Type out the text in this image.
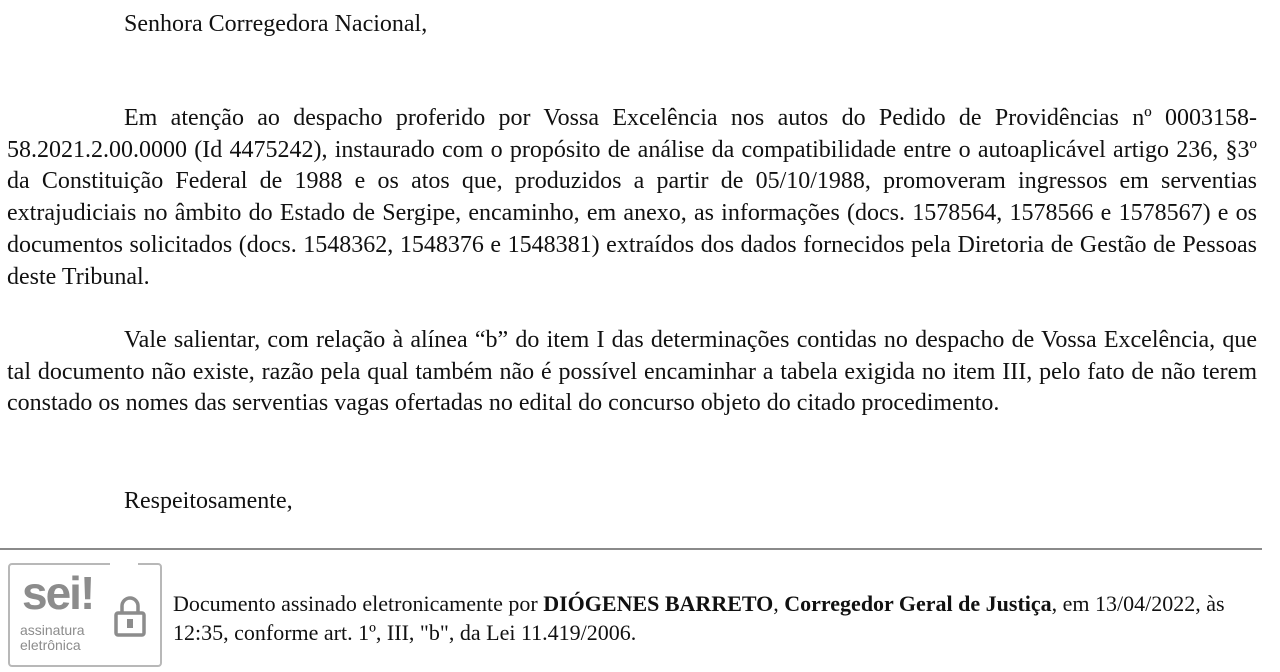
Senhora Corregedora Nacional,

Em atenção ao despacho proferido por Vossa Excelência nos autos do Pedido de Providências nº 0003158-58.2021.2.00.0000 (Id 4475242), instaurado com o propósito de análise da compatibilidade entre o autoaplicável artigo 236, §3º da Constituição Federal de 1988 e os atos que, produzidos a partir de 05/10/1988, promoveram ingressos em serventias extrajudiciais no âmbito do Estado de Sergipe, encaminho, em anexo, as informações (docs. 1578564, 1578566 e 1578567) e os documentos solicitados (docs. 1548362, 1548376 e 1548381) extraídos dos dados fornecidos pela Diretoria de Gestão de Pessoas deste Tribunal.

Vale salientar, com relação à alínea “b” do item I das determinações contidas no despacho de Vossa Excelência, que tal documento não existe, razão pela qual também não é possível encaminhar a tabela exigida no item III, pelo fato de não terem constado os nomes das serventias vagas ofertadas no edital do concurso objeto do citado procedimento.

Respeitosamente,
sei!
assinatura
eletrônica
Documento assinado eletronicamente por DIÓGENES BARRETO, Corregedor Geral de Justiça, em 13/04/2022, às 12:35, conforme art. 1º, III, "b", da Lei 11.419/2006.
